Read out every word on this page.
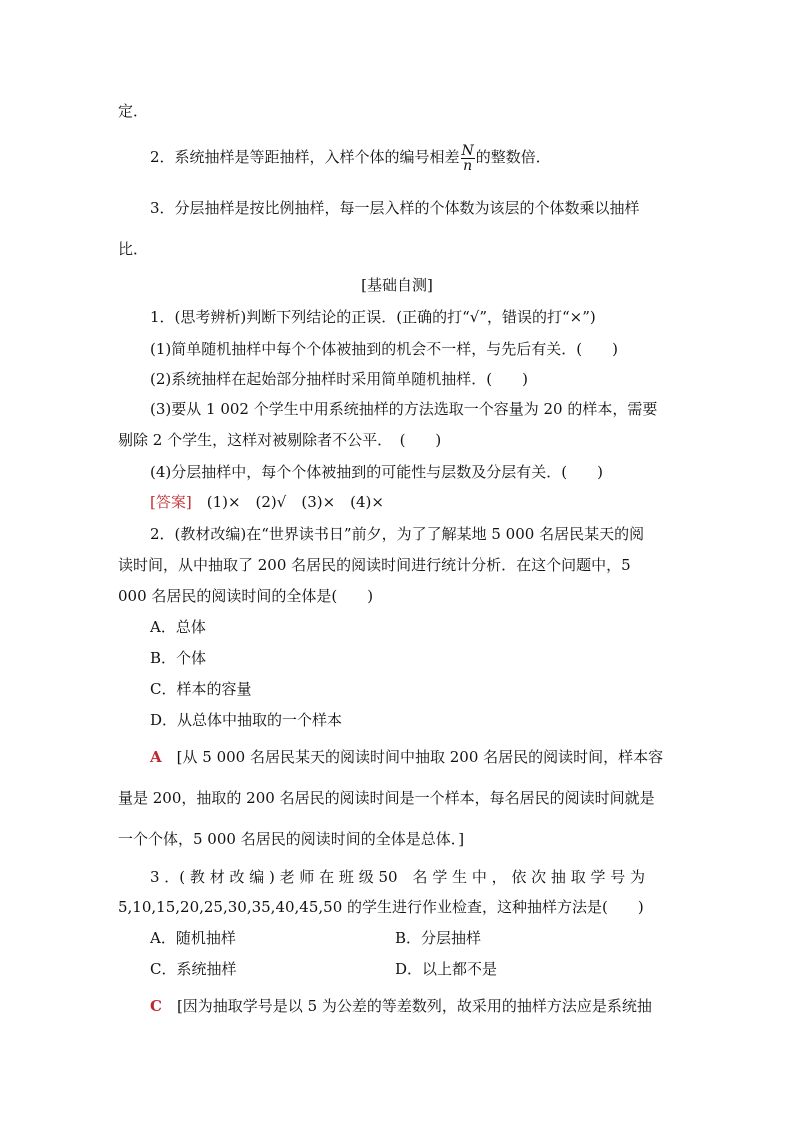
定．
2．系统抽样是等距抽样，入样个体的编号相差 $\frac{N}{n}$ 的整数倍．
3．分层抽样是按比例抽样，每一层入样的个体数为该层的个体数乘以抽样
比．
[基础自测]
1．(思考辨析)判断下列结论的正误．(正确的打“√”，错误的打“×”)
(1)简单随机抽样中每个个体被抽到的机会不一样，与先后有关．(　　)
(2)系统抽样在起始部分抽样时采用简单随机抽样．(　　)
(3)要从 1 002 个学生中用系统抽样的方法选取一个容量为 20 的样本，需要
剔除 2 个学生，这样对被剔除者不公平．　(　　)
(4)分层抽样中，每个个体被抽到的可能性与层数及分层有关．(　　)
[答案]　(1)×　(2)√　(3)×　(4)×
2．(教材改编)在“世界读书日”前夕，为了了解某地 5 000 名居民某天的阅
读时间，从中抽取了 200 名居民的阅读时间进行统计分析．在这个问题中，5
000 名居民的阅读时间的全体是(　　)
A．总体
B．个体
C．样本的容量
D．从总体中抽取的一个样本
A　[从 5 000 名居民某天的阅读时间中抽取 200 名居民的阅读时间，样本容
量是 200，抽取的 200 名居民的阅读时间是一个样本，每名居民的阅读时间就是
一个个体，5 000 名居民的阅读时间的全体是总体．]
3 ．( 教 材 改 编 ) 老 师 在 班 级 50　名 学 生 中 ， 依 次 抽 取 学 号 为
5,10,15,20,25,30,35,40,45,50 的学生进行作业检查，这种抽样方法是(　　)
A．随机抽样	B．分层抽样
C．系统抽样	D．以上都不是
C　[因为抽取学号是以 5 为公差的等差数列，故采用的抽样方法应是系统抽
